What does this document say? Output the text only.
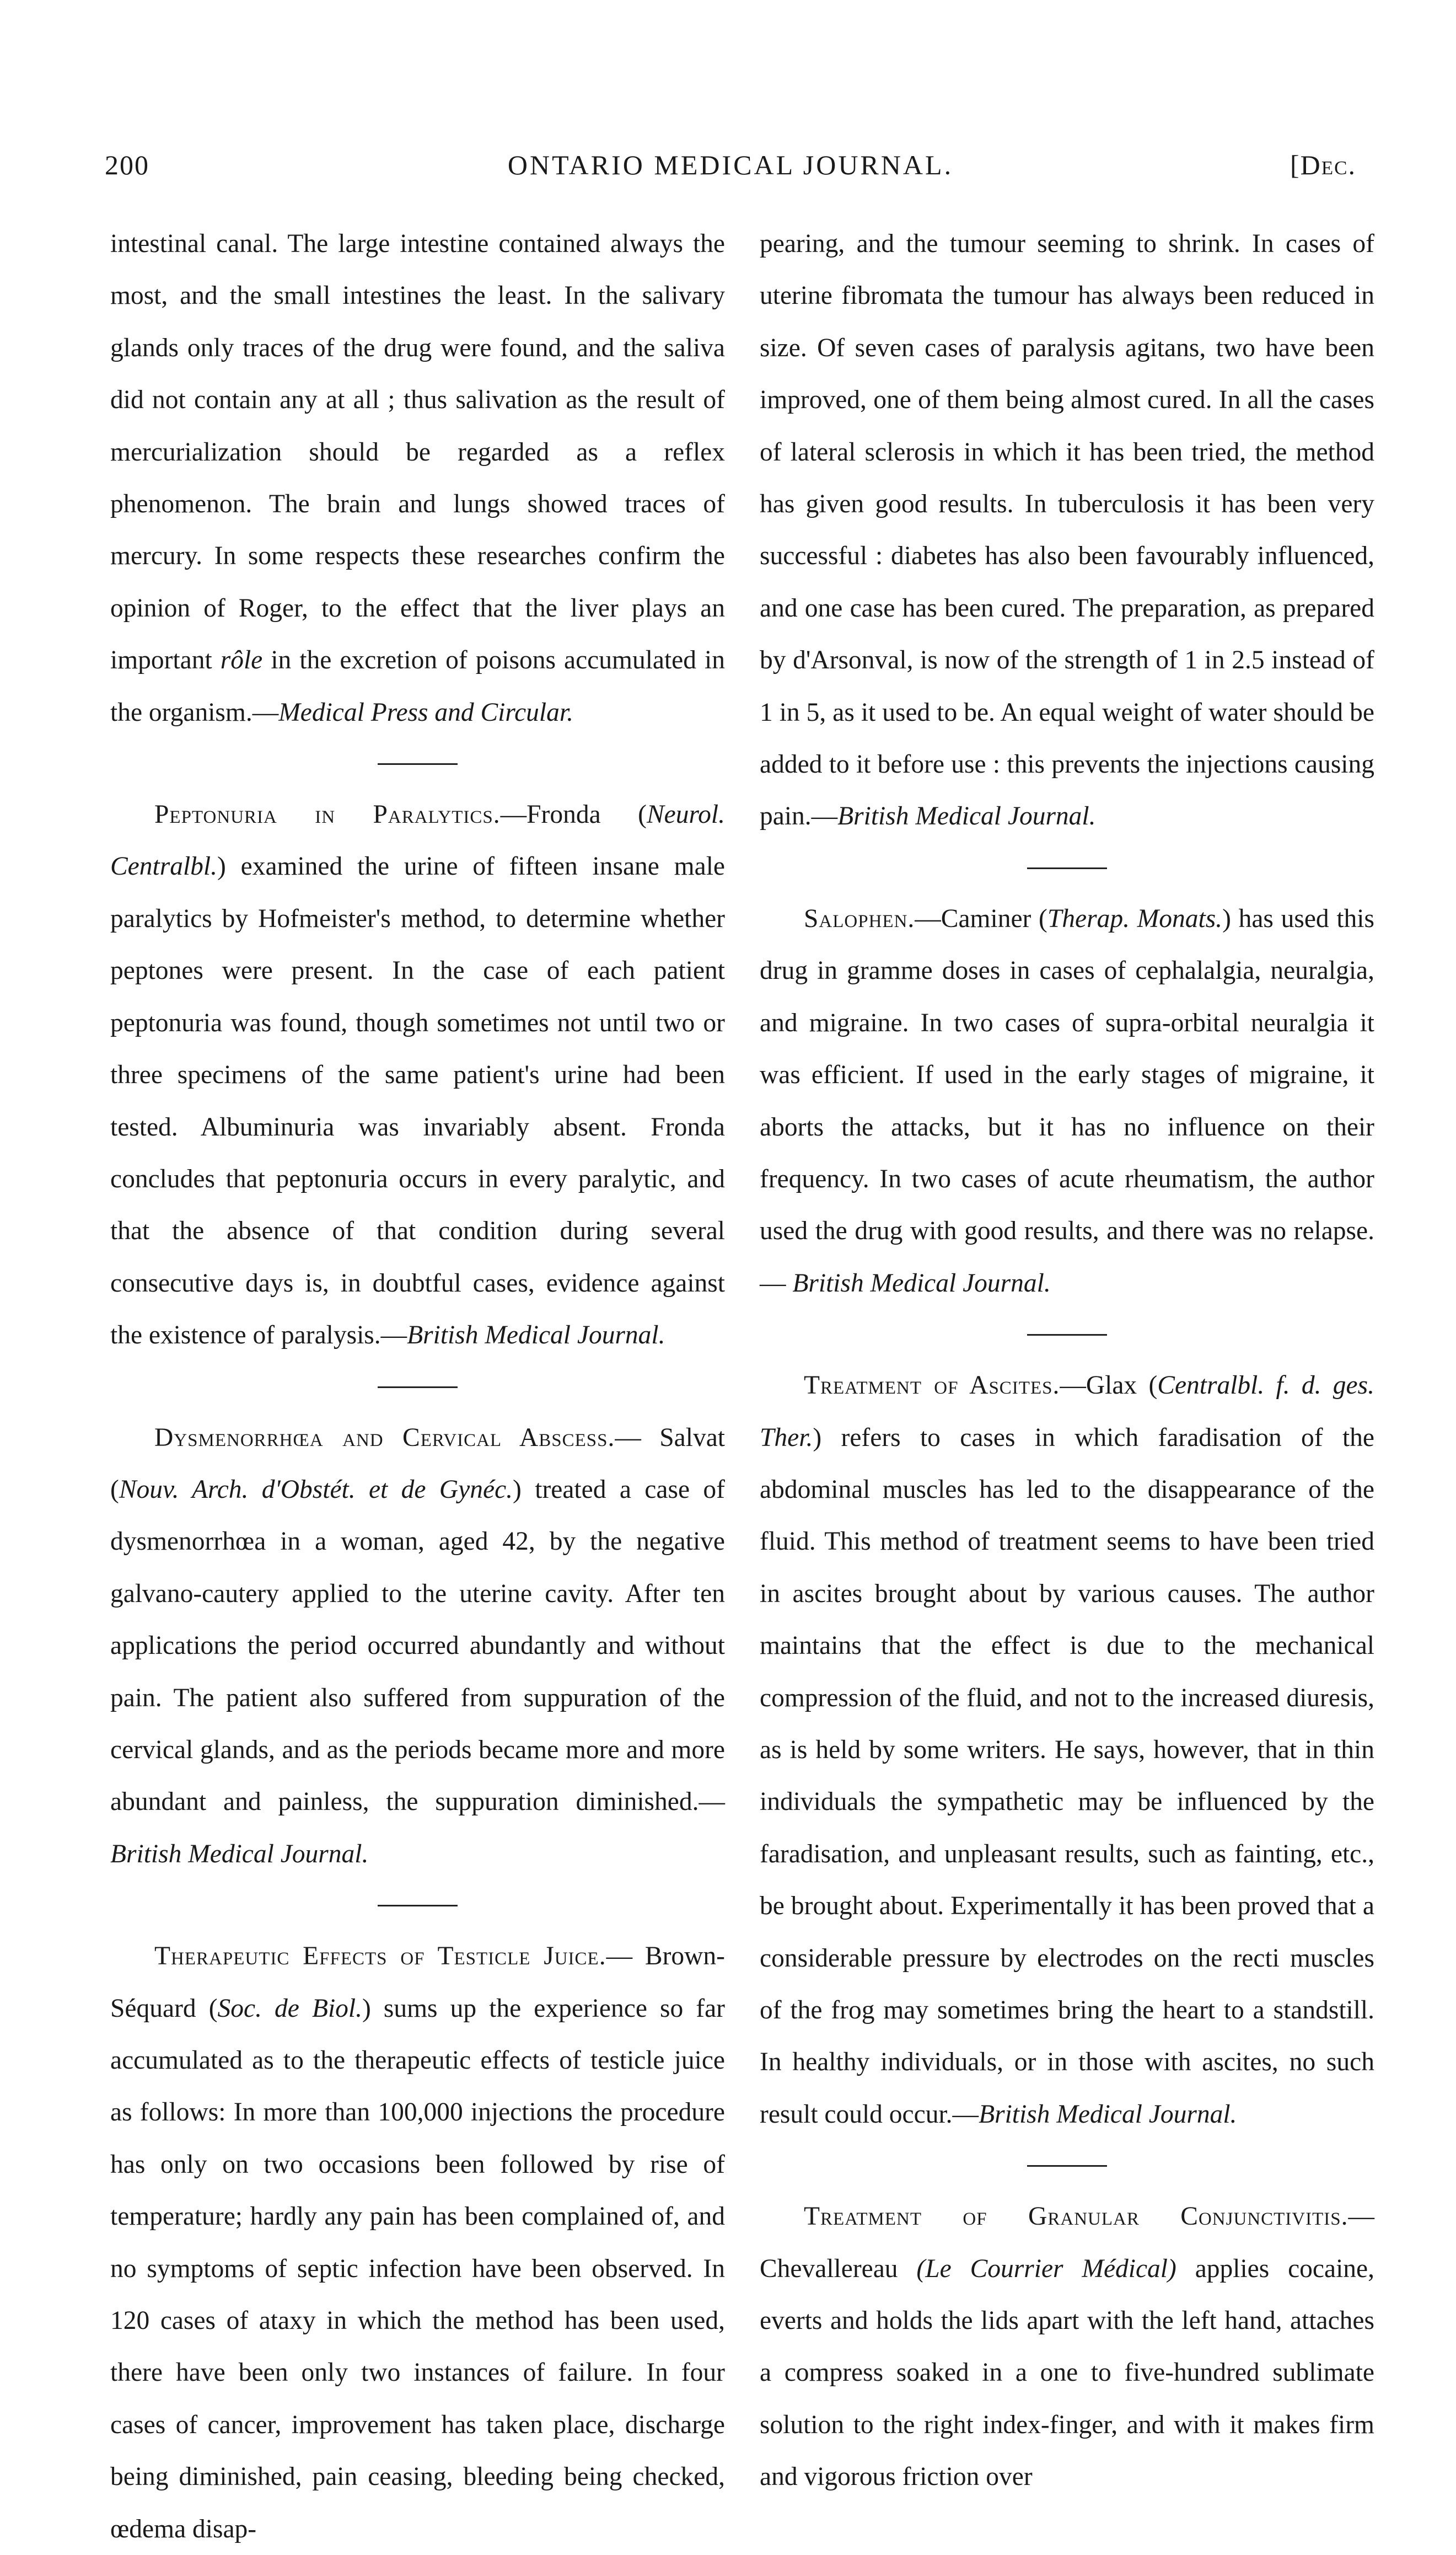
200	ONTARIO MEDICAL JOURNAL.	[Dec.

intestinal canal. The large intestine contained always the most, and the small intestines the least. In the salivary glands only traces of the drug were found, and the saliva did not contain any at all ; thus salivation as the result of mercurialization should be regarded as a reflex phenomenon. The brain and lungs showed traces of mercury. In some respects these researches confirm the opinion of Roger, to the effect that the liver plays an important rôle in the excretion of poisons accumulated in the organism.—Medical Press and Circular.

Peptonuria in Paralytics.—Fronda (Neurol. Centralbl.) examined the urine of fifteen insane male paralytics by Hofmeister's method, to determine whether peptones were present. In the case of each patient peptonuria was found, though sometimes not until two or three specimens of the same patient's urine had been tested. Albuminuria was invariably absent. Fronda concludes that peptonuria occurs in every paralytic, and that the absence of that condition during several consecutive days is, in doubtful cases, evidence against the existence of paralysis.—British Medical Journal.

Dysmenorrhœa and Cervical Abscess.— Salvat (Nouv. Arch. d'Obstét. et de Gynéc.) treated a case of dysmenorrhœa in a woman, aged 42, by the negative galvano-cautery applied to the uterine cavity. After ten applications the period occurred abundantly and without pain. The patient also suffered from suppuration of the cervical glands, and as the periods became more and more abundant and painless, the suppuration diminished.— British Medical Journal.

Therapeutic Effects of Testicle Juice.— Brown-Séquard (Soc. de Biol.) sums up the experience so far accumulated as to the therapeutic effects of testicle juice as follows: In more than 100,000 injections the procedure has only on two occasions been followed by rise of temperature; hardly any pain has been complained of, and no symptoms of septic infection have been observed. In 120 cases of ataxy in which the method has been used, there have been only two instances of failure. In four cases of cancer, improvement has taken place, discharge being diminished, pain ceasing, bleeding being checked, œdema disap-

pearing, and the tumour seeming to shrink. In cases of uterine fibromata the tumour has always been reduced in size. Of seven cases of paralysis agitans, two have been improved, one of them being almost cured. In all the cases of lateral sclerosis in which it has been tried, the method has given good results. In tuberculosis it has been very successful : diabetes has also been favourably influenced, and one case has been cured. The preparation, as prepared by d'Arsonval, is now of the strength of 1 in 2.5 instead of 1 in 5, as it used to be. An equal weight of water should be added to it before use : this prevents the injections causing pain.—British Medical Journal.

Salophen.—Caminer (Therap. Monats.) has used this drug in gramme doses in cases of cephalalgia, neuralgia, and migraine. In two cases of supra-orbital neuralgia it was efficient. If used in the early stages of migraine, it aborts the attacks, but it has no influence on their frequency. In two cases of acute rheumatism, the author used the drug with good results, and there was no relapse.— British Medical Journal.

Treatment of Ascites.—Glax (Centralbl. f. d. ges. Ther.) refers to cases in which faradisation of the abdominal muscles has led to the disappearance of the fluid. This method of treatment seems to have been tried in ascites brought about by various causes. The author maintains that the effect is due to the mechanical compression of the fluid, and not to the increased diuresis, as is held by some writers. He says, however, that in thin individuals the sympathetic may be influenced by the faradisation, and unpleasant results, such as fainting, etc., be brought about. Experimentally it has been proved that a considerable pressure by electrodes on the recti muscles of the frog may sometimes bring the heart to a standstill. In healthy individuals, or in those with ascites, no such result could occur.—British Medical Journal.

Treatment of Granular Conjunctivitis.— Chevallereau (Le Courrier Médical) applies cocaine, everts and holds the lids apart with the left hand, attaches a compress soaked in a one to five-hundred sublimate solution to the right index-finger, and with it makes firm and vigorous friction over
